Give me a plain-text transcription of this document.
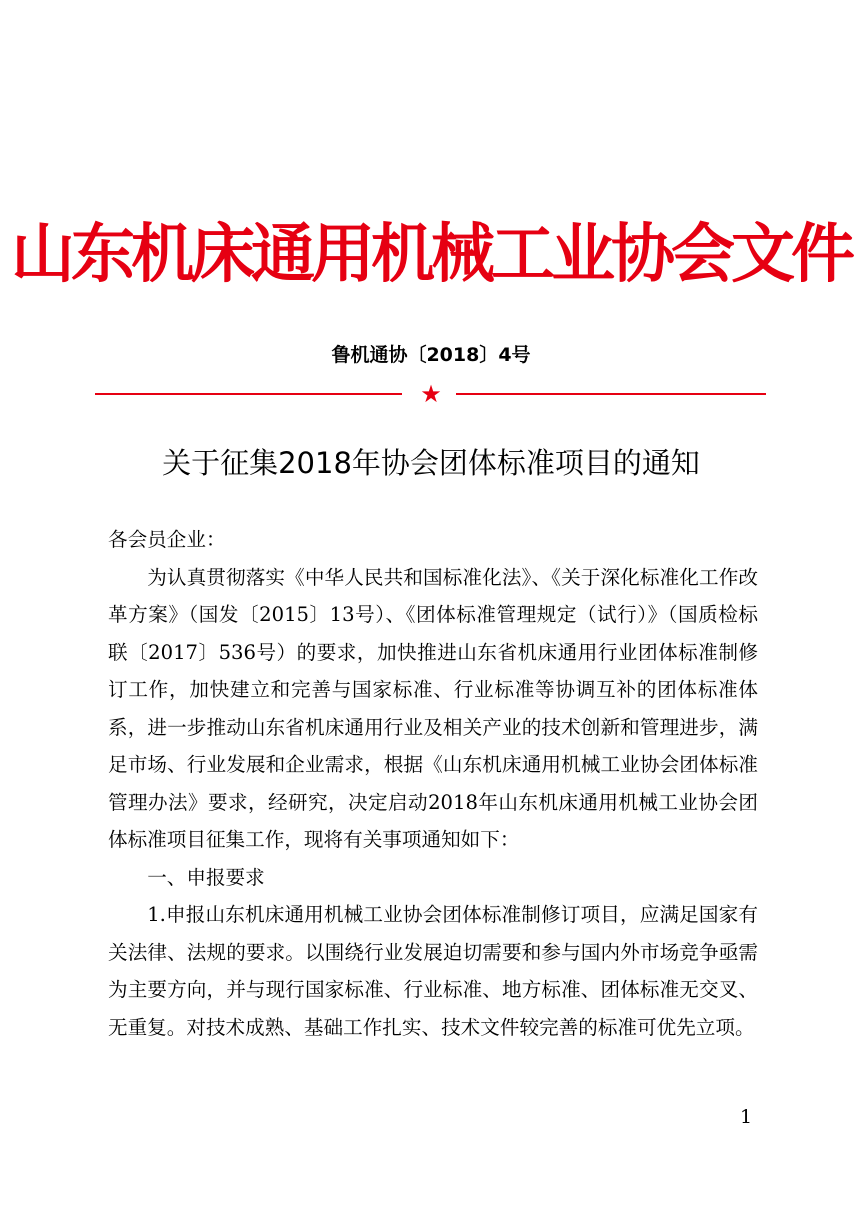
山东机床通用机械工业协会文件
鲁机通协〔2018〕4号
★
关于征集2018年协会团体标准项目的通知

各会员企业：

为认真贯彻落实《中华人民共和国标准化法》、《关于深化标准化工作改革方案》（国发〔2015〕13号）、《团体标准管理规定（试行）》（国质检标联〔2017〕536号）的要求，加快推进山东省机床通用行业团体标准制修订工作，加快建立和完善与国家标准、行业标准等协调互补的团体标准体系，进一步推动山东省机床通用行业及相关产业的技术创新和管理进步，满足市场、行业发展和企业需求，根据《山东机床通用机械工业协会团体标准管理办法》要求，经研究，决定启动2018年山东机床通用机械工业协会团体标准项目征集工作，现将有关事项通知如下：

一、申报要求

1.申报山东机床通用机械工业协会团体标准制修订项目，应满足国家有关法律、法规的要求。以围绕行业发展迫切需要和参与国内外市场竞争亟需为主要方向，并与现行国家标准、行业标准、地方标准、团体标准无交叉、无重复。对技术成熟、基础工作扎实、技术文件较完善的标准可优先立项。

1
